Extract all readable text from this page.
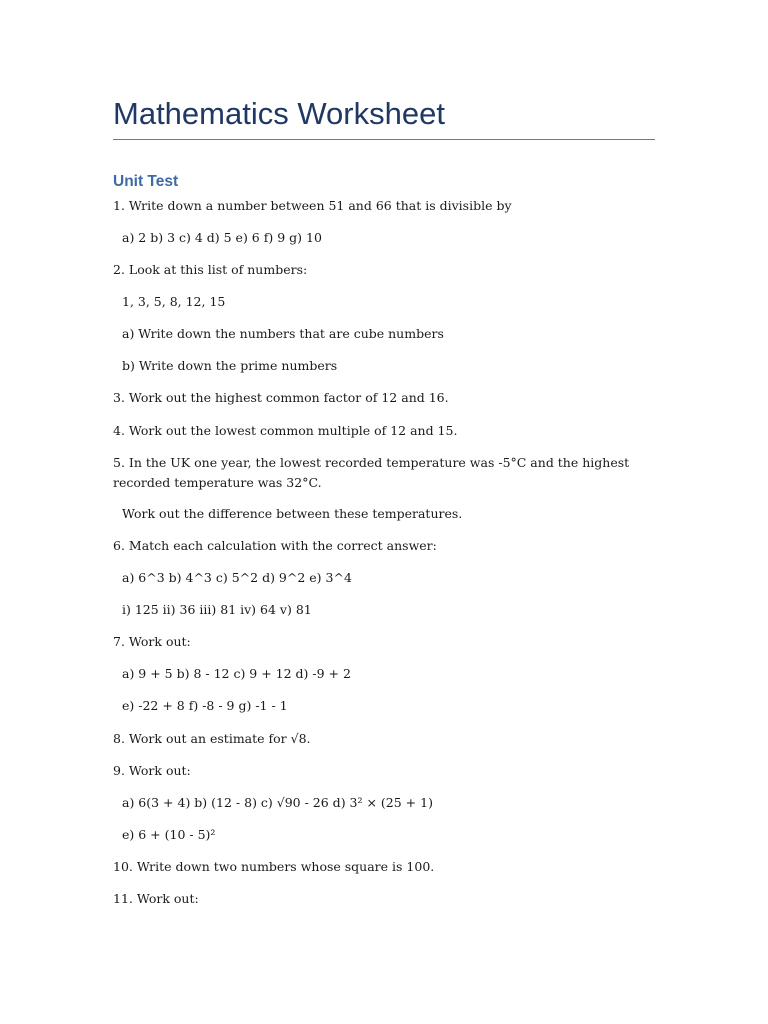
Mathematics Worksheet
Unit Test

1. Write down a number between 51 and 66 that is divisible by

a) 2 b) 3 c) 4 d) 5 e) 6 f) 9 g) 10

2. Look at this list of numbers:

1, 3, 5, 8, 12, 15

a) Write down the numbers that are cube numbers

b) Write down the prime numbers

3. Work out the highest common factor of 12 and 16.

4. Work out the lowest common multiple of 12 and 15.

5. In the UK one year, the lowest recorded temperature was -5°C and the highest recorded temperature was 32°C.

Work out the difference between these temperatures.

6. Match each calculation with the correct answer:

a) 6^3 b) 4^3 c) 5^2 d) 9^2 e) 3^4

i) 125 ii) 36 iii) 81 iv) 64 v) 81

7. Work out:

a) 9 + 5 b) 8 - 12 c) 9 + 12 d) -9 + 2

e) -22 + 8 f) -8 - 9 g) -1 - 1

8. Work out an estimate for √8.

9. Work out:

a) 6(3 + 4) b) (12 - 8) c) √90 - 26 d) 3² × (25 + 1)

e) 6 + (10 - 5)²

10. Write down two numbers whose square is 100.

11. Work out:
